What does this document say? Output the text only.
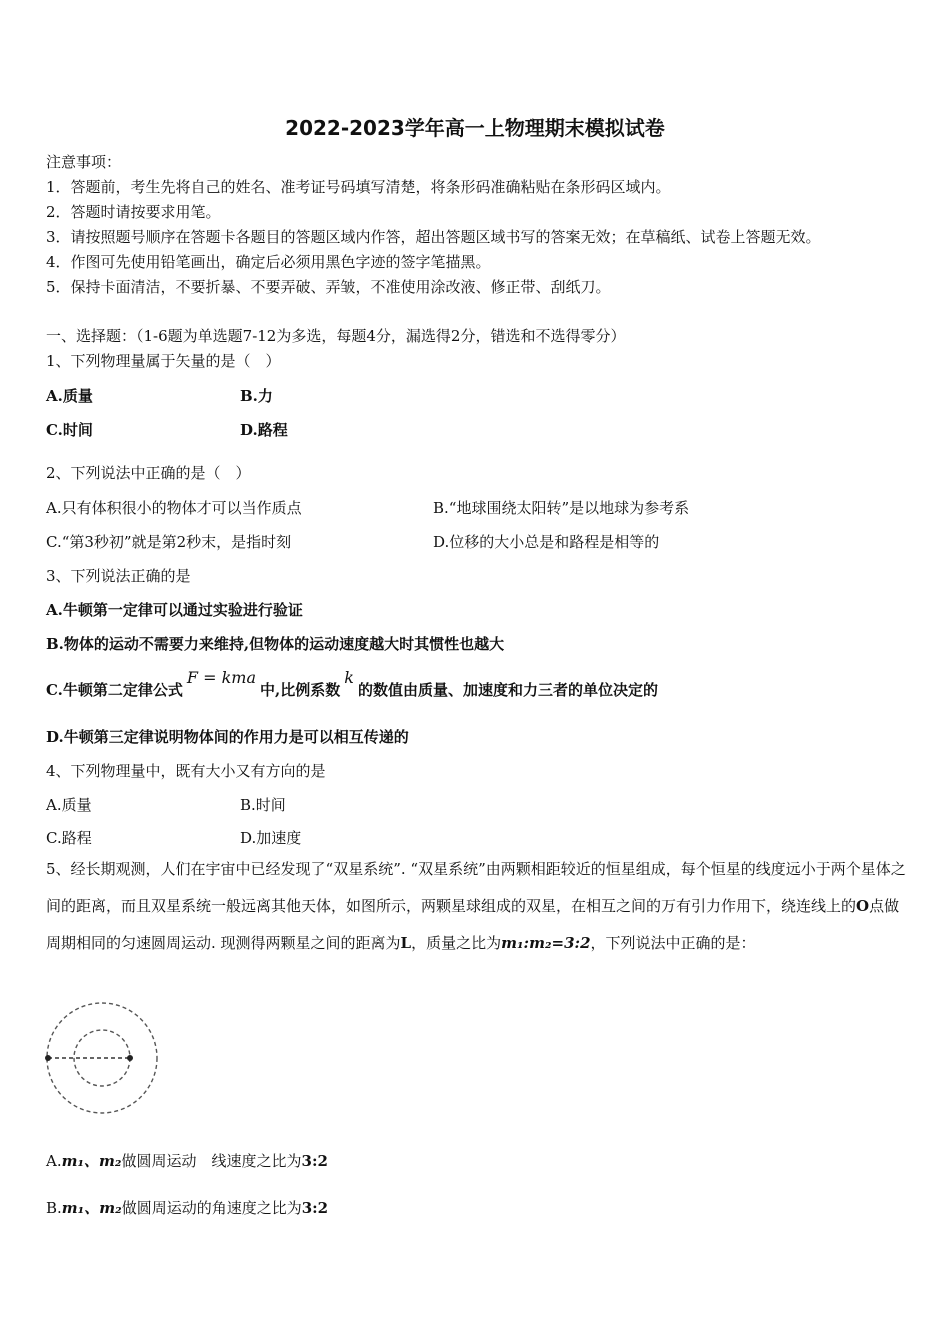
2022-2023学年高一上物理期末模拟试卷
注意事项：
1．答题前，考生先将自己的姓名、准考证号码填写清楚，将条形码准确粘贴在条形码区域内。
2．答题时请按要求用笔。
3．请按照题号顺序在答题卡各题目的答题区域内作答，超出答题区域书写的答案无效；在草稿纸、试卷上答题无效。
4．作图可先使用铅笔画出，确定后必须用黑色字迹的签字笔描黑。
5．保持卡面清洁，不要折暴、不要弄破、弄皱，不准使用涂改液、修正带、刮纸刀。
一、选择题：（1-6题为单选题7-12为多选，每题4分，漏选得2分，错选和不选得零分）
1、下列物理量属于矢量的是（　）
A.质量	B.力
C.时间	D.路程
2、下列说法中正确的是（　）
A.只有体积很小的物体才可以当作质点	B.“地球围绕太阳转”是以地球为参考系
C.“第3秒初”就是第2秒末，是指时刻	D.位移的大小总是和路程是相等的
3、下列说法正确的是
A.牛顿第一定律可以通过实验进行验证
B.物体的运动不需要力来维持,但物体的运动速度越大时其惯性也越大
C.牛顿第二定律公式F = kma中,比例系数k的数值由质量、加速度和力三者的单位决定的
D.牛顿第三定律说明物体间的作用力是可以相互传递的
4、下列物理量中，既有大小又有方向的是
A.质量	B.时间
C.路程	D.加速度
5、经长期观测，人们在宇宙中已经发现了“双星系统”. “双星系统”由两颗相距较近的恒星组成，每个恒星的线度远小于两个星体之间的距离，而且双星系统一般远离其他天体，如图所示，两颗星球组成的双星，在相互之间的万有引力作用下，绕连线上的O点做周期相同的匀速圆周运动. 现测得两颗星之间的距离为L，质量之比为m₁:m₂=3:2，下列说法中正确的是：
A.m₁、m₂做圆周运动　线速度之比为3:2
B.m₁、m₂做圆周运动的角速度之比为3:2
